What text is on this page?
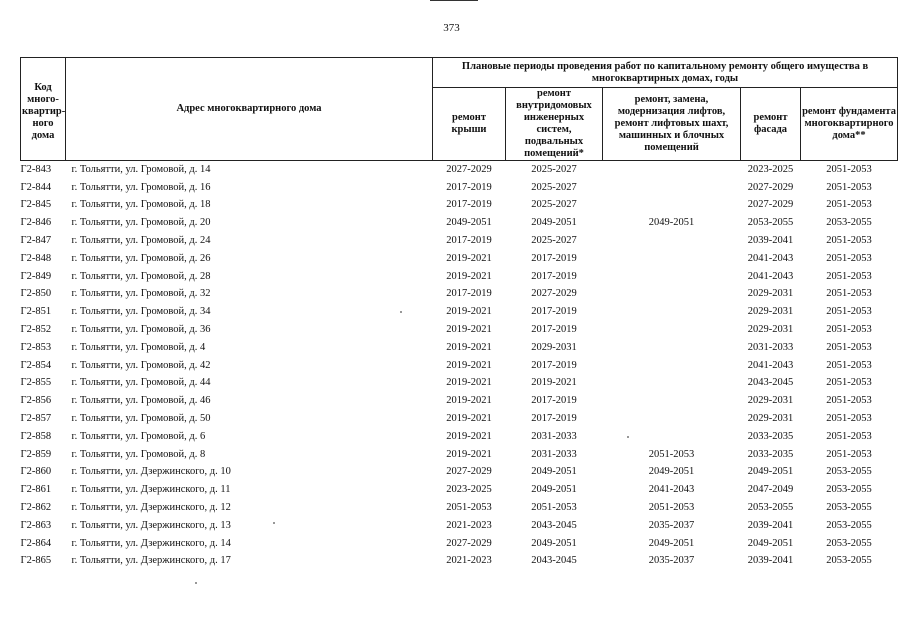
373
Код много-квартир-ного дома	Адрес многоквартирного дома	Плановые периоды проведения работ по капитальному ремонту общего имущества в многоквартирных домах, годы				
		ремонт крыши	ремонт внутридомовых инженерных систем, подвальных помещений*	ремонт, замена, модернизация лифтов, ремонт лифтовых шахт, машинных и блочных помещений	ремонт фасада	ремонт фундамента многоквартирного дома**
Г2-843	г. Тольятти, ул. Громовой, д. 14	2027-2029	2025-2027		2023-2025	2051-2053
Г2-844	г. Тольятти, ул. Громовой, д. 16	2017-2019	2025-2027		2027-2029	2051-2053
Г2-845	г. Тольятти, ул. Громовой, д. 18	2017-2019	2025-2027		2027-2029	2051-2053
Г2-846	г. Тольятти, ул. Громовой, д. 20	2049-2051	2049-2051	2049-2051	2053-2055	2053-2055
Г2-847	г. Тольятти, ул. Громовой, д. 24	2017-2019	2025-2027		2039-2041	2051-2053
Г2-848	г. Тольятти, ул. Громовой, д. 26	2019-2021	2017-2019		2041-2043	2051-2053
Г2-849	г. Тольятти, ул. Громовой, д. 28	2019-2021	2017-2019		2041-2043	2051-2053
Г2-850	г. Тольятти, ул. Громовой, д. 32	2017-2019	2027-2029		2029-2031	2051-2053
Г2-851	г. Тольятти, ул. Громовой, д. 34	2019-2021	2017-2019		2029-2031	2051-2053
Г2-852	г. Тольятти, ул. Громовой, д. 36	2019-2021	2017-2019		2029-2031	2051-2053
Г2-853	г. Тольятти, ул. Громовой, д. 4	2019-2021	2029-2031		2031-2033	2051-2053
Г2-854	г. Тольятти, ул. Громовой, д. 42	2019-2021	2017-2019		2041-2043	2051-2053
Г2-855	г. Тольятти, ул. Громовой, д. 44	2019-2021	2019-2021		2043-2045	2051-2053
Г2-856	г. Тольятти, ул. Громовой, д. 46	2019-2021	2017-2019		2029-2031	2051-2053
Г2-857	г. Тольятти, ул. Громовой, д. 50	2019-2021	2017-2019		2029-2031	2051-2053
Г2-858	г. Тольятти, ул. Громовой, д. 6	2019-2021	2031-2033		2033-2035	2051-2053
Г2-859	г. Тольятти, ул. Громовой, д. 8	2019-2021	2031-2033	2051-2053	2033-2035	2051-2053
Г2-860	г. Тольятти, ул. Дзержинского, д. 10	2027-2029	2049-2051	2049-2051	2049-2051	2053-2055
Г2-861	г. Тольятти, ул. Дзержинского, д. 11	2023-2025	2049-2051	2041-2043	2047-2049	2053-2055
Г2-862	г. Тольятти, ул. Дзержинского, д. 12	2051-2053	2051-2053	2051-2053	2053-2055	2053-2055
Г2-863	г. Тольятти, ул. Дзержинского, д. 13	2021-2023	2043-2045	2035-2037	2039-2041	2053-2055
Г2-864	г. Тольятти, ул. Дзержинского, д. 14	2027-2029	2049-2051	2049-2051	2049-2051	2053-2055
Г2-865	г. Тольятти, ул. Дзержинского, д. 17	2021-2023	2043-2045	2035-2037	2039-2041	2053-2055
